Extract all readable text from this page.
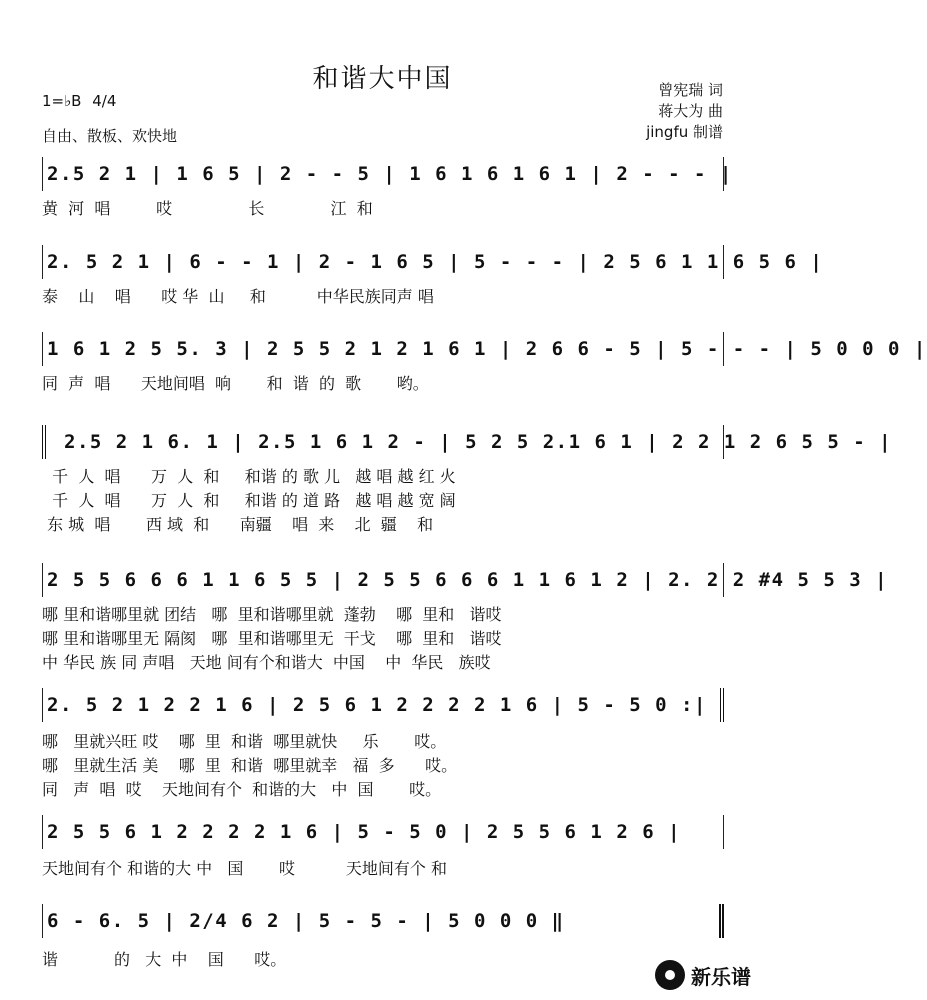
和谐大中国
1=♭B 4/4
自由、散板、欢快地
曾宪瑞 词
蒋大为 曲
jingfu 制谱
2.5 2 1 | 1 6 5 | 2 - - 5 | 1 6 1 6 1 6 1 | 2 - - - |
黄  河  唱         哎               长             江  和
2. 5 2 1 | 6 - - 1 | 2 - 1 6 5 | 5 - - - | 2 5 6 1 1 6 5 6 |
泰    山    唱      哎 华  山     和          中华民族同声 唱
1 6 1 2 5 5. 3 | 2 5 5 2 1 2 1 6 1 | 2 6 6 - 5 | 5 - - - | 5 0 0 0 |
同  声  唱      天地间唱  响       和  谐  的  歌       哟。
2.5 2 1 6. 1 | 2.5 1 6 1 2 - | 5 2 5 2.1 6 1 | 2 2 1 2 6 5 5 - |
千  人  唱      万  人  和     和谐 的 歌 儿   越 唱 越 红 火
千  人  唱      万  人  和     和谐 的 道 路   越 唱 越 宽 阔
东 城  唱       西 域  和      南疆    唱  来    北  疆    和
2 5 5 6 6 6 1 1 6 5 5 | 2 5 5 6 6 6 1 1 6 1 2 | 2. 2 2 #4 5 5 3 |
哪 里和谐哪里就 团结   哪  里和谐哪里就  蓬勃    哪  里和   谐哎
哪 里和谐哪里无 隔阂   哪  里和谐哪里无  干戈    哪  里和   谐哎
中 华民 族 同 声唱   天地 间有个和谐大  中国    中  华民   族哎
2. 5 2 1 2 2 1 6 | 2 5 6 1 2 2 2 2 1 6 | 5 - 5 0 :|
哪   里就兴旺 哎    哪  里  和谐  哪里就快     乐       哎。
哪   里就生活 美    哪  里  和谐  哪里就幸   福  多      哎。
同   声  唱  哎    天地间有个  和谐的大   中  国       哎。
2 5 5 6 1 2 2 2 2 1 6 | 5 - 5 0 | 2 5 5 6 1 2 6 |
天地间有个 和谐的大 中   国       哎          天地间有个 和
6 - 6. 5 | 2/4 6 2 | 5 - 5 - | 5 0 0 0 ‖
谐           的   大  中    国      哎。
新乐谱
